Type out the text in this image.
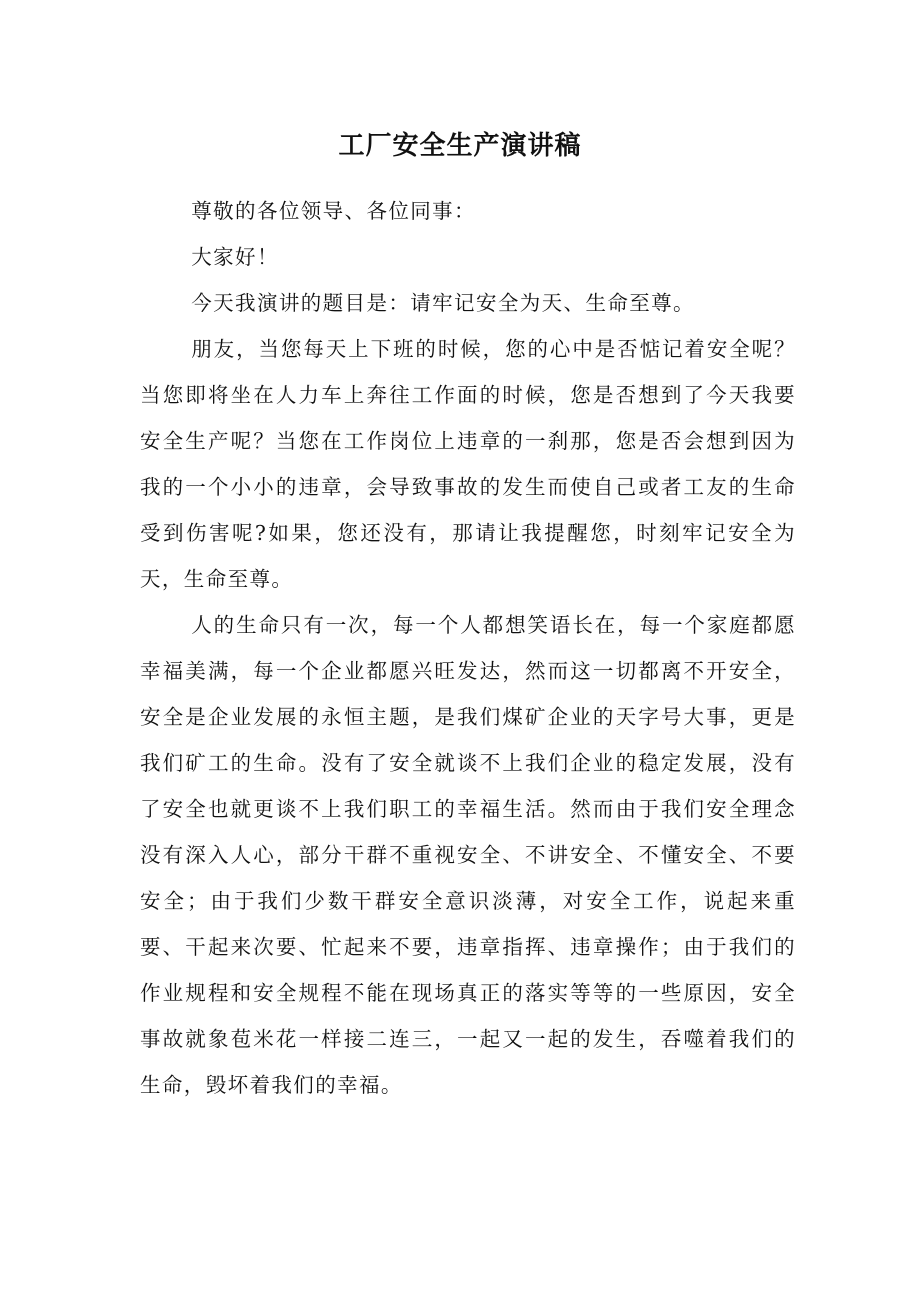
工厂安全生产演讲稿

尊敬的各位领导、各位同事：

大家好！

今天我演讲的题目是：请牢记安全为天、生命至尊。

朋友，当您每天上下班的时候，您的心中是否惦记着安全呢？当您即将坐在人力车上奔往工作面的时候，您是否想到了今天我要安全生产呢？当您在工作岗位上违章的一刹那，您是否会想到因为我的一个小小的违章，会导致事故的发生而使自己或者工友的生命受到伤害呢?如果，您还没有，那请让我提醒您，时刻牢记安全为天，生命至尊。

人的生命只有一次，每一个人都想笑语长在，每一个家庭都愿幸福美满，每一个企业都愿兴旺发达，然而这一切都离不开安全，安全是企业发展的永恒主题，是我们煤矿企业的天字号大事，更是我们矿工的生命。没有了安全就谈不上我们企业的稳定发展，没有了安全也就更谈不上我们职工的幸福生活。然而由于我们安全理念没有深入人心，部分干群不重视安全、不讲安全、不懂安全、不要安全；由于我们少数干群安全意识淡薄，对安全工作，说起来重要、干起来次要、忙起来不要，违章指挥、违章操作；由于我们的作业规程和安全规程不能在现场真正的落实等等的一些原因，安全事故就象苞米花一样接二连三，一起又一起的发生，吞噬着我们的生命，毁坏着我们的幸福。
